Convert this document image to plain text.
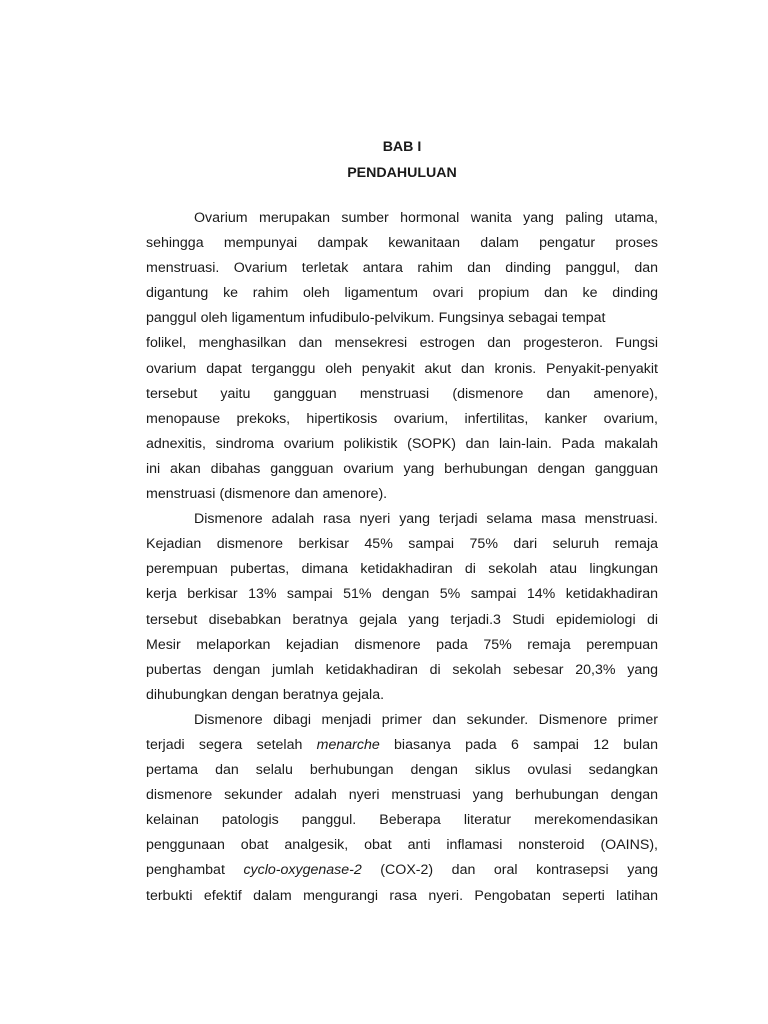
BAB I
PENDAHULUAN
Ovarium merupakan sumber hormonal wanita yang paling utama,
sehingga mempunyai dampak kewanitaan dalam pengatur proses
menstruasi. Ovarium terletak antara rahim dan dinding panggul, dan
digantung ke rahim oleh ligamentum ovari propium dan ke dinding
panggul oleh ligamentum infudibulo-pelvikum. Fungsinya sebagai tempat
folikel, menghasilkan dan mensekresi estrogen dan progesteron. Fungsi
ovarium dapat terganggu oleh penyakit akut dan kronis. Penyakit-penyakit
tersebut yaitu gangguan menstruasi (dismenore dan amenore),
menopause prekoks, hipertikosis ovarium, infertilitas, kanker ovarium,
adnexitis, sindroma ovarium polikistik (SOPK) dan lain-lain. Pada makalah
ini akan dibahas gangguan ovarium yang berhubungan dengan gangguan
menstruasi (dismenore dan amenore).
Dismenore adalah rasa nyeri yang terjadi selama masa menstruasi.
Kejadian dismenore berkisar 45% sampai 75% dari seluruh remaja
perempuan pubertas, dimana ketidakhadiran di sekolah atau lingkungan
kerja berkisar 13% sampai 51% dengan 5% sampai 14% ketidakhadiran
tersebut disebabkan beratnya gejala yang terjadi.3 Studi epidemiologi di
Mesir melaporkan kejadian dismenore pada 75% remaja perempuan
pubertas dengan jumlah ketidakhadiran di sekolah sebesar 20,3% yang
dihubungkan dengan beratnya gejala.
Dismenore dibagi menjadi primer dan sekunder. Dismenore primer
terjadi segera setelah menarche biasanya pada 6 sampai 12 bulan
pertama dan selalu berhubungan dengan siklus ovulasi sedangkan
dismenore sekunder adalah nyeri menstruasi yang berhubungan dengan
kelainan patologis panggul. Beberapa literatur merekomendasikan
penggunaan obat analgesik, obat anti inflamasi nonsteroid (OAINS),
penghambat cyclo-oxygenase-2 (COX-2) dan oral kontrasepsi yang
terbukti efektif dalam mengurangi rasa nyeri. Pengobatan seperti latihan
